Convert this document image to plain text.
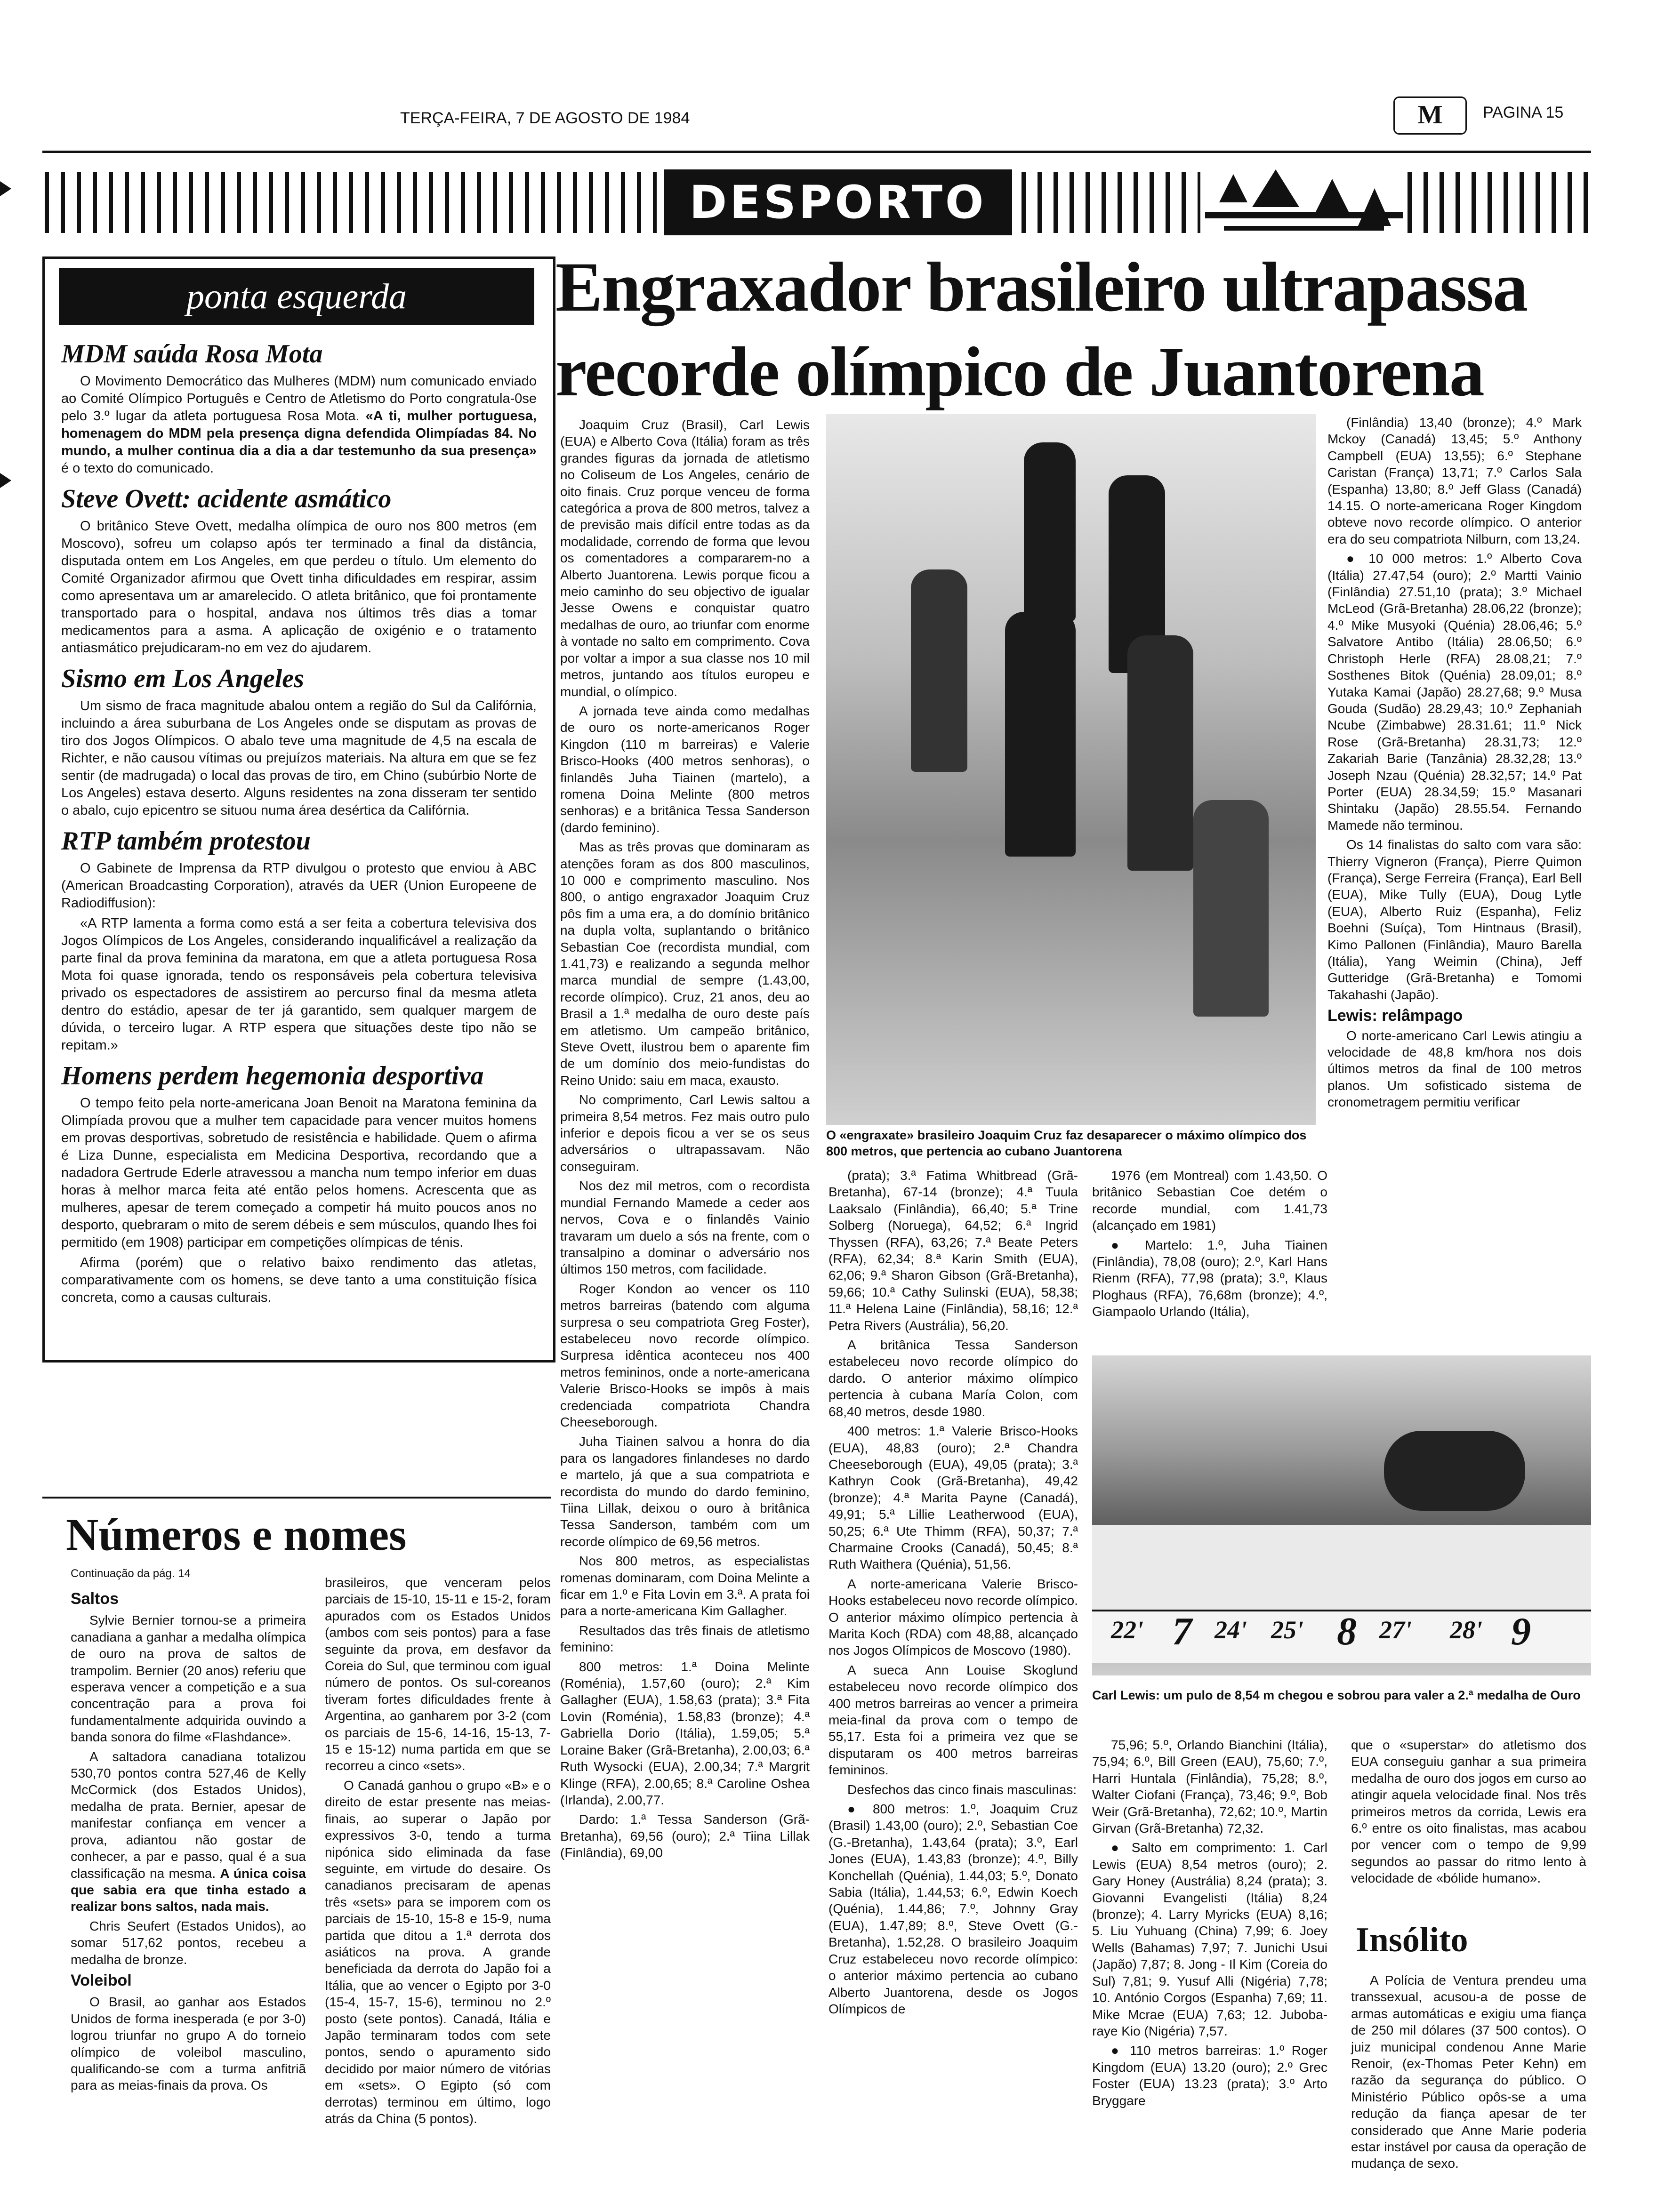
TERÇA-FEIRA, 7 DE AGOSTO DE 1984	M	PAGINA 15
DESPORTO
ponta esquerda
MDM saúda Rosa Mota

O Movimento Democrático das Mulheres (MDM) num comunicado enviado ao Comité Olímpico Português e Centro de Atletismo do Porto congratula-0se pelo 3.º lugar da atleta portuguesa Rosa Mota. «A ti, mulher portuguesa, homenagem do MDM pela presença digna defendida Olimpíadas 84. No mundo, a mulher continua dia a dia a dar testemunho da sua presença» é o texto do comunicado.

Steve Ovett: acidente asmático

O britânico Steve Ovett, medalha olímpica de ouro nos 800 metros (em Moscovo), sofreu um colapso após ter terminado a final da distância, disputada ontem em Los Angeles, em que perdeu o título. Um elemento do Comité Organizador afirmou que Ovett tinha dificuldades em respirar, assim como apresentava um ar amarelecido. O atleta britânico, que foi prontamente transportado para o hospital, andava nos últimos três dias a tomar medicamentos para a asma. A aplicação de oxigénio e o tratamento antiasmático prejudicaram-no em vez do ajudarem.

Sismo em Los Angeles

Um sismo de fraca magnitude abalou ontem a região do Sul da Califórnia, incluindo a área suburbana de Los Angeles onde se disputam as provas de tiro dos Jogos Olímpicos. O abalo teve uma magnitude de 4,5 na escala de Richter, e não causou vítimas ou prejuízos materiais. Na altura em que se fez sentir (de madrugada) o local das provas de tiro, em Chino (subúrbio Norte de Los Angeles) estava deserto. Alguns residentes na zona disseram ter sentido o abalo, cujo epicentro se situou numa área desértica da Califórnia.

RTP também protestou

O Gabinete de Imprensa da RTP divulgou o protesto que enviou à ABC (American Broadcasting Corporation), através da UER (Union Europeene de Radiodiffusion):

«A RTP lamenta a forma como está a ser feita a cobertura televisiva dos Jogos Olímpicos de Los Angeles, considerando inqualificável a realização da parte final da prova feminina da maratona, em que a atleta portuguesa Rosa Mota foi quase ignorada, tendo os responsáveis pela cobertura televisiva privado os espectadores de assistirem ao percurso final da mesma atleta dentro do estádio, apesar de ter já garantido, sem qualquer margem de dúvida, o terceiro lugar. A RTP espera que situações deste tipo não se repitam.»

Homens perdem hegemonia desportiva

O tempo feito pela norte-americana Joan Benoit na Maratona feminina da Olimpíada provou que a mulher tem capacidade para vencer muitos homens em provas desportivas, sobretudo de resistência e habilidade. Quem o afirma é Liza Dunne, especialista em Medicina Desportiva, recordando que a nadadora Gertrude Ederle atravessou a mancha num tempo inferior em duas horas à melhor marca feita até então pelos homens. Acrescenta que as mulheres, apesar de terem começado a competir há muito poucos anos no desporto, quebraram o mito de serem débeis e sem músculos, quando lhes foi permitido (em 1908) participar em competições olímpicas de ténis.

Afirma (porém) que o relativo baixo rendimento das atletas, comparativamente com os homens, se deve tanto a uma constituição física concreta, como a causas culturais.

Engraxador brasileiro ultrapassa
recorde olímpico de Juantorena
O «engraxate» brasileiro Joaquim Cruz faz desaparecer o máximo olímpico dos 800 metros, que pertencia ao cubano Juantorena

Joaquim Cruz (Brasil), Carl Lewis (EUA) e Alberto Cova (Itália) foram as três grandes figuras da jornada de atletismo no Coliseum de Los Angeles, cenário de oito finais. Cruz porque venceu de forma categórica a prova de 800 metros, talvez a de previsão mais difícil entre todas as da modalidade, correndo de forma que levou os comentadores a compararem-no a Alberto Juantorena. Lewis porque ficou a meio caminho do seu objectivo de igualar Jesse Owens e conquistar quatro medalhas de ouro, ao triunfar com enorme à vontade no salto em comprimento. Cova por voltar a impor a sua classe nos 10 mil metros, juntando aos títulos europeu e mundial, o olímpico.

A jornada teve ainda como medalhas de ouro os norte-americanos Roger Kingdon (110 m barreiras) e Valerie Brisco-Hooks (400 metros senhoras), o finlandês Juha Tiainen (martelo), a romena Doina Melinte (800 metros senhoras) e a britânica Tessa Sanderson (dardo feminino).

Mas as três provas que dominaram as atenções foram as dos 800 masculinos, 10 000 e comprimento masculino. Nos 800, o antigo engraxador Joaquim Cruz pôs fim a uma era, a do domínio britânico na dupla volta, suplantando o britânico Sebastian Coe (recordista mundial, com 1.41,73) e realizando a segunda melhor marca mundial de sempre (1.43,00, recorde olímpico). Cruz, 21 anos, deu ao Brasil a 1.ª medalha de ouro deste país em atletismo. Um campeão britânico, Steve Ovett, ilustrou bem o aparente fim de um domínio dos meio-fundistas do Reino Unido: saiu em maca, exausto.

No comprimento, Carl Lewis saltou a primeira 8,54 metros. Fez mais outro pulo inferior e depois ficou a ver se os seus adversários o ultrapassavam. Não conseguiram.

Nos dez mil metros, com o recordista mundial Fernando Mamede a ceder aos nervos, Cova e o finlandês Vainio travaram um duelo a sós na frente, com o transalpino a dominar o adversário nos últimos 150 metros, com facilidade.

Roger Kondon ao vencer os 110 metros barreiras (batendo com alguma surpresa o seu compatriota Greg Foster), estabeleceu novo recorde olímpico. Surpresa idêntica aconteceu nos 400 metros femininos, onde a norte-americana Valerie Brisco-Hooks se impôs à mais credenciada compatriota Chandra Cheeseborough.

Juha Tiainen salvou a honra do dia para os langadores finlandeses no dardo e martelo, já que a sua compatriota e recordista do mundo do dardo feminino, Tiina Lillak, deixou o ouro à britânica Tessa Sanderson, também com um recorde olímpico de 69,56 metros.

Nos 800 metros, as especialistas romenas dominaram, com Doina Melinte a ficar em 1.º e Fita Lovin em 3.ª. A prata foi para a norte-americana Kim Gallagher.

Resultados das três finais de atletismo feminino:

800 metros: 1.ª Doina Melinte (Roménia), 1.57,60 (ouro); 2.ª Kim Gallagher (EUA), 1.58,63 (prata); 3.ª Fita Lovin (Roménia), 1.58,83 (bronze); 4.ª Gabriella Dorio (Itália), 1.59,05; 5.ª Loraine Baker (Grã-Bretanha), 2.00,03; 6.ª Ruth Wysocki (EUA), 2.00,34; 7.ª Margrit Klinge (RFA), 2.00,65; 8.ª Caroline Oshea (Irlanda), 2.00,77.

Dardo: 1.ª Tessa Sanderson (Grã-Bretanha), 69,56 (ouro); 2.ª Tiina Lillak (Finlândia), 69,00

(prata); 3.ª Fatima Whitbread (Grã-Bretanha), 67-14 (bronze); 4.ª Tuula Laaksalo (Finlândia), 66,40; 5.ª Trine Solberg (Noruega), 64,52; 6.ª Ingrid Thyssen (RFA), 63,26; 7.ª Beate Peters (RFA), 62,34; 8.ª Karin Smith (EUA), 62,06; 9.ª Sharon Gibson (Grã-Bretanha), 59,66; 10.ª Cathy Sulinski (EUA), 58,38; 11.ª Helena Laine (Finlândia), 58,16; 12.ª Petra Rivers (Austrália), 56,20.

A britânica Tessa Sanderson estabeleceu novo recorde olímpico do dardo. O anterior máximo olímpico pertencia à cubana María Colon, com 68,40 metros, desde 1980.

400 metros: 1.ª Valerie Brisco-Hooks (EUA), 48,83 (ouro); 2.ª Chandra Cheeseborough (EUA), 49,05 (prata); 3.ª Kathryn Cook (Grã-Bretanha), 49,42 (bronze); 4.ª Marita Payne (Canadá), 49,91; 5.ª Lillie Leatherwood (EUA), 50,25; 6.ª Ute Thimm (RFA), 50,37; 7.ª Charmaine Crooks (Canadá), 50,45; 8.ª Ruth Waithera (Quénia), 51,56.

A norte-americana Valerie Brisco-Hooks estabeleceu novo recorde olímpico. O anterior máximo olímpico pertencia à Marita Koch (RDA) com 48,88, alcançado nos Jogos Olímpicos de Moscovo (1980).

A sueca Ann Louise Skoglund estabeleceu novo recorde olímpico dos 400 metros barreiras ao vencer a primeira meia-final da prova com o tempo de 55,17. Esta foi a primeira vez que se disputaram os 400 metros barreiras femininos.

Desfechos das cinco finais masculinas:

● 800 metros: 1.º, Joaquim Cruz (Brasil) 1.43,00 (ouro); 2.º, Sebastian Coe (G.-Bretanha), 1.43,64 (prata); 3.º, Earl Jones (EUA), 1.43,83 (bronze); 4.º, Billy Konchellah (Quénia), 1.44,03; 5.º, Donato Sabia (Itália), 1.44,53; 6.º, Edwin Koech (Quénia), 1.44,86; 7.º, Johnny Gray (EUA), 1.47,89; 8.º, Steve Ovett (G.-Bretanha), 1.52,28. O brasileiro Joaquim Cruz estabeleceu novo recorde olímpico: o anterior máximo pertencia ao cubano Alberto Juantorena, desde os Jogos Olímpicos de

1976 (em Montreal) com 1.43,50. O britânico Sebastian Coe detém o recorde mundial, com 1.41,73 (alcançado em 1981)

● Martelo: 1.º, Juha Tiainen (Finlândia), 78,08 (ouro); 2.º, Karl Hans Rienm (RFA), 77,98 (prata); 3.º, Klaus Ploghaus (RFA), 76,68m (bronze); 4.º, Giampaolo Urlando (Itália),

(Finlândia) 13,40 (bronze); 4.º Mark Mckoy (Canadá) 13,45; 5.º Anthony Campbell (EUA) 13,55); 6.º Stephane Caristan (França) 13,71; 7.º Carlos Sala (Espanha) 13,80; 8.º Jeff Glass (Canadá) 14.15. O norte-americana Roger Kingdom obteve novo recorde olímpico. O anterior era do seu compatriota Nilburn, com 13,24.

● 10 000 metros: 1.º Alberto Cova (Itália) 27.47,54 (ouro); 2.º Martti Vainio (Finlândia) 27.51,10 (prata); 3.º Michael McLeod (Grã-Bretanha) 28.06,22 (bronze); 4.º Mike Musyoki (Quénia) 28.06,46; 5.º Salvatore Antibo (Itália) 28.06,50; 6.º Christoph Herle (RFA) 28.08,21; 7.º Sosthenes Bitok (Quénia) 28.09,01; 8.º Yutaka Kamai (Japão) 28.27,68; 9.º Musa Gouda (Sudão) 28.29,43; 10.º Zephaniah Ncube (Zimbabwe) 28.31.61; 11.º Nick Rose (Grã-Bretanha) 28.31,73; 12.º Zakariah Barie (Tanzânia) 28.32,28; 13.º Joseph Nzau (Quénia) 28.32,57; 14.º Pat Porter (EUA) 28.34,59; 15.º Masanari Shintaku (Japão) 28.55.54. Fernando Mamede não terminou.

Os 14 finalistas do salto com vara são: Thierry Vigneron (França), Pierre Quimon (França), Serge Ferreira (França), Earl Bell (EUA), Mike Tully (EUA), Doug Lytle (EUA), Alberto Ruiz (Espanha), Feliz Boehni (Suíça), Tom Hintnaus (Brasil), Kimo Pallonen (Finlândia), Mauro Barella (Itália), Yang Weimin (China), Jeff Gutteridge (Grã-Bretanha) e Tomomi Takahashi (Japão).

Lewis: relâmpago

O norte-americano Carl Lewis atingiu a velocidade de 48,8 km/hora nos dois últimos metros da final de 100 metros planos. Um sofisticado sistema de cronometragem permitiu verificar

22' 7 24' 25' 8 27' 28' 9
Carl Lewis: um pulo de 8,54 m chegou e sobrou para valer a 2.ª medalha de Ouro

75,96; 5.º, Orlando Bianchini (Itália), 75,94; 6.º, Bill Green (EAU), 75,60; 7.º, Harri Huntala (Finlândia), 75,28; 8.º, Walter Ciofani (França), 73,46; 9.º, Bob Weir (Grã-Bretanha), 72,62; 10.º, Martin Girvan (Grã-Bretanha) 72,32.

● Salto em comprimento: 1. Carl Lewis (EUA) 8,54 metros (ouro); 2. Gary Honey (Austrália) 8,24 (prata); 3. Giovanni Evangelisti (Itália) 8,24 (bronze); 4. Larry Myricks (EUA) 8,16; 5. Liu Yuhuang (China) 7,99; 6. Joey Wells (Bahamas) 7,97; 7. Junichi Usui (Japão) 7,87; 8. Jong - Il Kim (Coreia do Sul) 7,81; 9. Yusuf Alli (Nigéria) 7,78; 10. António Corgos (Espanha) 7,69; 11. Mike Mcrae (EUA) 7,63; 12. Juboba-raye Kio (Nigéria) 7,57.

● 110 metros barreiras: 1.º Roger Kingdom (EUA) 13.20 (ouro); 2.º Grec Foster (EUA) 13.23 (prata); 3.º Arto Bryggare

que o «superstar» do atletismo dos EUA conseguiu ganhar a sua primeira medalha de ouro dos jogos em curso ao atingir aquela velocidade final. Nos três primeiros metros da corrida, Lewis era 6.º entre os oito finalistas, mas acabou por vencer com o tempo de 9,99 segundos ao passar do ritmo lento à velocidade de «bólide humano».

Insólito

A Polícia de Ventura prendeu uma transsexual, acusou-a de posse de armas automáticas e exigiu uma fiança de 250 mil dólares (37 500 contos). O juiz municipal condenou Anne Marie Renoir, (ex-Thomas Peter Kehn) em razão da segurança do público. O Ministério Público opôs-se a uma redução da fiança apesar de ter considerado que Anne Marie poderia estar instável por causa da operação de mudança de sexo.

Números e nomes
Continuação da pág. 14
Saltos

Sylvie Bernier tornou-se a primeira canadiana a ganhar a medalha olímpica de ouro na prova de saltos de trampolim. Bernier (20 anos) referiu que esperava vencer a competição e a sua concentração para a prova foi fundamentalmente adquirida ouvindo a banda sonora do filme «Flashdance».

A saltadora canadiana totalizou 530,70 pontos contra 527,46 de Kelly McCormick (dos Estados Unidos), medalha de prata. Bernier, apesar de manifestar confiança em vencer a prova, adiantou não gostar de conhecer, a par e passo, qual é a sua classificação na mesma. A única coisa que sabia era que tinha estado a realizar bons saltos, nada mais.

Chris Seufert (Estados Unidos), ao somar 517,62 pontos, recebeu a medalha de bronze.

Voleibol

O Brasil, ao ganhar aos Estados Unidos de forma inesperada (e por 3-0) logrou triunfar no grupo A do torneio olímpico de voleibol masculino, qualificando-se com a turma anfitriã para as meias-finais da prova. Os

brasileiros, que venceram pelos parciais de 15-10, 15-11 e 15-2, foram apurados com os Estados Unidos (ambos com seis pontos) para a fase seguinte da prova, em desfavor da Coreia do Sul, que terminou com igual número de pontos. Os sul-coreanos tiveram fortes dificuldades frente à Argentina, ao ganharem por 3-2 (com os parciais de 15-6, 14-16, 15-13, 7-15 e 15-12) numa partida em que se recorreu a cinco «sets».

O Canadá ganhou o grupo «B» e o direito de estar presente nas meias-finais, ao superar o Japão por expressivos 3-0, tendo a turma nipónica sido eliminada da fase seguinte, em virtude do desaire. Os canadianos precisaram de apenas três «sets» para se imporem com os parciais de 15-10, 15-8 e 15-9, numa partida que ditou a 1.ª derrota dos asiáticos na prova. A grande beneficiada da derrota do Japão foi a Itália, que ao vencer o Egipto por 3-0 (15-4, 15-7, 15-6), terminou no 2.º posto (sete pontos). Canadá, Itália e Japão terminaram todos com sete pontos, sendo o apuramento sido decidido por maior número de vitórias em «sets». O Egipto (só com derrotas) terminou em último, logo atrás da China (5 pontos).
